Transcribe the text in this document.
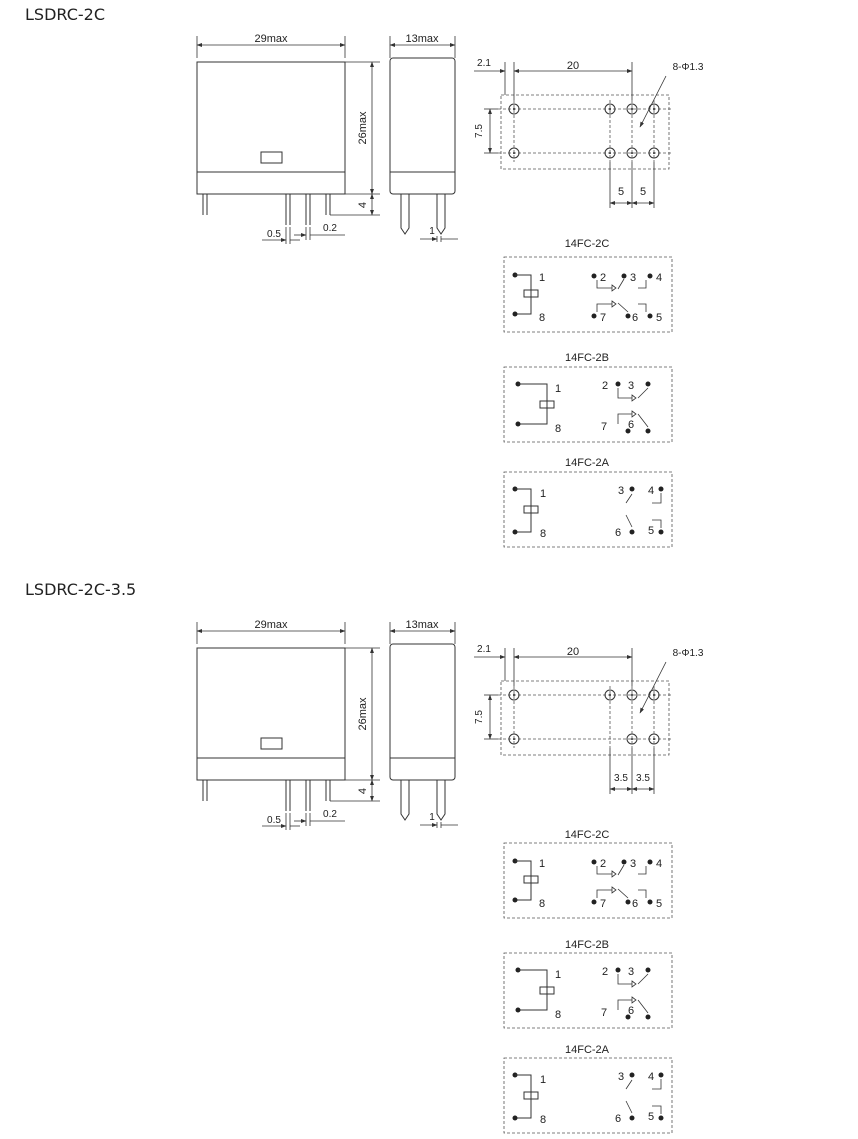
LSDRC-2C
29max
26max
4
0.5
0.2
13max
1
2.1	20	8-Φ1.3
7.5
5 5
14FC-2C
1
8
2 3 4
7 6 5
14FC-2B
1
8
2 3
7 6
14FC-2A
1
8
3 4
6 5
LSDRC-2C-3.5
29max
26max
4
0.5
0.2
13max
1
2.1	20	8-Φ1.3
7.5
3.5 3.5
14FC-2C
1
8
2 3 4
7 6 5
14FC-2B
1
8
2 3
7 6
14FC-2A
1
8
3 4
6 5
